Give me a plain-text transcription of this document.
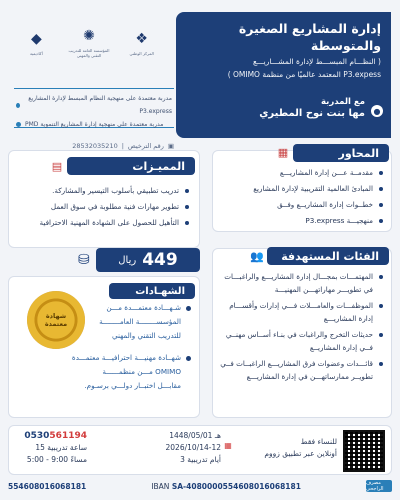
◆
أكاديمية
✺
المؤسسة العامة للتدريب التقني والمهني
❖
المركز الوطني
إدارة المشاريع الصغيرة والمتوسطة
( النظـــام المبســـط لإدارة المشـــاريـــع
P3.expess المعتمد عالميًا من منظمة OMIMO )
مع المدربة
مها بنت نوح المطيري	●
مدربة معتمدة على منهجية النظام المبسط لإدارة المشاريع P3.express
مدربة معتمدة على منهجية إدارة المشاريع التنموية PMD
28532035210 | رقم الترخيص ▣
▤	المميـزات
تدريب تطبيقي بأسلوب التيسير والمشاركة.
تطوير مهارات فنية مطلوبة في سوق العمل
التأهيل للحصول على الشهادة المهنية الاحترافية
▦	المحاور
مقدمــة عـــن إدارة المشاريـــع
المبادئ العالمية التقريبية لإدارة المشاريع
خطــوات إدارة المشاريــع وفــق
منهجيـــة P3.express
⛁	ريال 449
الشهـادات
شهادة
معتمدة
شـهـــادة معتمـــدة مـــن
المؤسســــــــة العامــــــــة
للتدريب التقني والمهني
شهــادة مهنيـــة احترافيـــة معتمـــدة
OMIMO مـــن منظمــــــة
مقابـــل اختبــار دولـــي برسـوم.
👥	الفئات المستهدفة
المهتمـــات بمجـــال إدارة المشاريـــع والراغبـــات في تطويـــر مهاراتهـــن المهنيـــة
الموظفـــات والعامـــلات فـــي إدارات وأقســـام إدارة المشاريـــع
حديثات التخرج والراغبات في بنـاء أســاس مهنــي فــي إدارة المشاريــع
قائـــدات وعضوات فرق المشاريـــع الراغبــات فــي تطويــر ممارساتهـــن في إدارة المشاريـــع
0530561194
15 ساعة تدريبية
5:00 - 9:00 مساءً
1448/05/01 هـ
2026/10/14-12
3 أيام تدريبية
▦	للنساء فقط
أونلاين عبر تطبيق زووم
554608016068181	IBAN SA-4080000554608016068181	مصرف الراجحي
